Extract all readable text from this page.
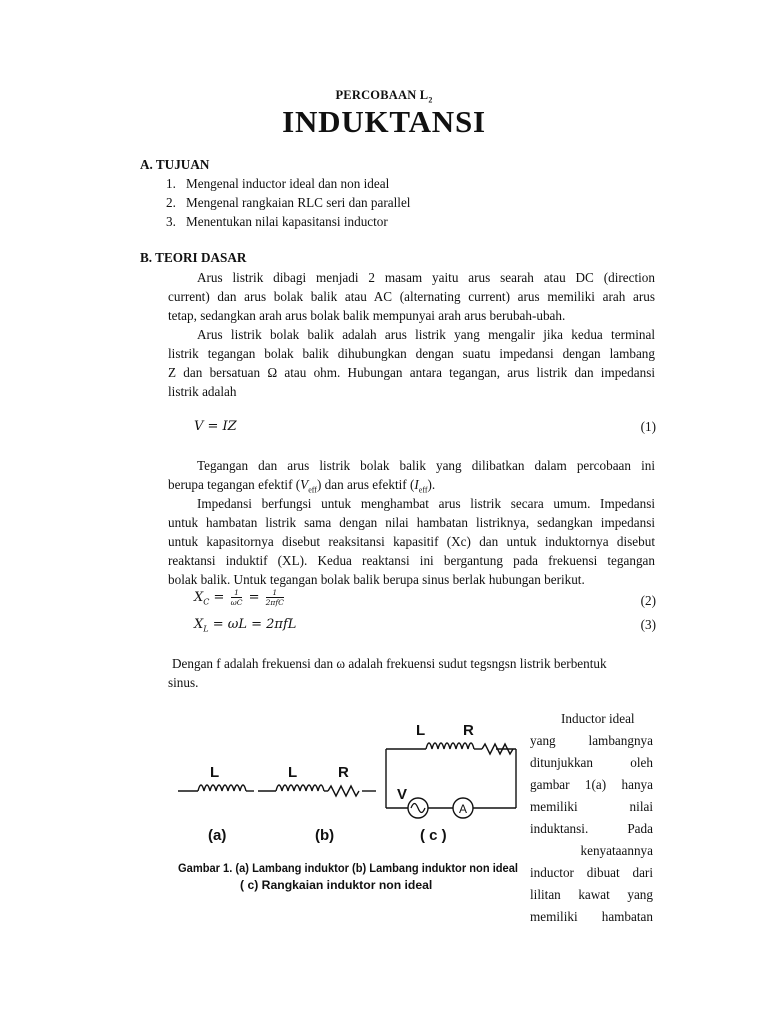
PERCOBAAN $L_2$
INDUKTANSI
A. TUJUAN
1. Mengenal inductor ideal dan non ideal
2. Mengenal rangkaian RLC seri dan parallel
3. Menentukan nilai kapasitansi inductor
B. TEORI DASAR
Arus listrik dibagi menjadi 2 masam yaitu arus searah atau DC (direction
current) dan arus bolak balik atau AC (alternating current) arus memiliki arah arus
tetap, sedangkan arah arus bolak balik mempunyai arah arus berubah-ubah.
Arus listrik bolak balik adalah arus listrik yang mengalir jika kedua terminal
listrik tegangan bolak balik dihubungkan dengan suatu impedansi dengan lambang
Z dan bersatuan Ω atau ohm. Hubungan antara tegangan, arus listrik dan impedansi
listrik adalah
V = IZ	(1)
Tegangan dan arus listrik bolak balik yang dilibatkan dalam percobaan ini
berupa tegangan efektif $(V_{eff})$ dan arus efektif $(I_{eff})$.
Impedansi berfungsi untuk menghambat arus listrik secara umum. Impedansi
untuk hambatan listrik sama dengan nilai hambatan listriknya, sedangkan impedansi
untuk kapasitornya disebut reaksitansi kapasitif (Xc) dan untuk induktornya disebut
reaktansi induktif (XL). Kedua reaktansi ini bergantung pada frekuensi tegangan
bolak balik. Untuk tegangan bolak balik berupa sinus berlak hubungan berikut.
$X_C = \frac{1}{\omega C} = \frac{1}{\text{2πfC}}$	(2)
$X_L = \omega L = 2\pi fL$	(3)
Dengan f adalah frekuensi dan ω adalah frekuensi sudut tegsngsn listrik berbentuk
sinus.
L
(a)
L	R
(b)
A
L	R
V
( c )
Gambar 1. (a) Lambang induktor (b) Lambang induktor non ideal
( c) Rangkaian induktor non ideal
Inductor ideal
yang lambangnya
ditunjukkan oleh
gambar 1(a) hanya
memiliki nilai
induktansi. Pada
kenyataannya
inductor dibuat dari
lilitan kawat yang
memiliki hambatan
